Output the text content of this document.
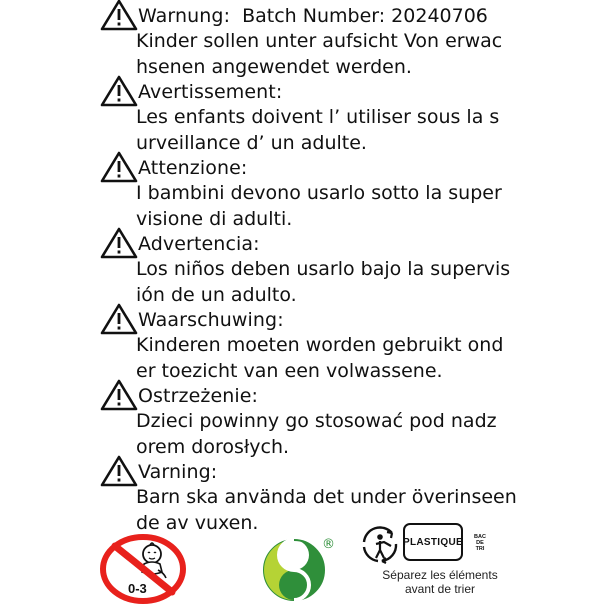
Warnung: Batch Number: 20240706
Kinder sollen unter aufsicht Von erwac
hsenen angewendet werden.
Avertissement:
Les enfants doivent l’ utiliser sous la s
urveillance d’ un adulte.
Attenzione:
I bambini devono usarlo sotto la super
visione di adulti.
Advertencia:
Los niños deben usarlo bajo la supervis
ión de un adulto.
Waarschuwing:
Kinderen moeten worden gebruikt ond
er toezicht van een volwassene.
Ostrzeżenie:
Dzieci powinny go stosować pod nadz
orem dorosłych.
Varning:
Barn ska använda det under överinseen
de av vuxen.
0-3
®	BAC
DE
TRI
PLASTIQUE
Séparez les éléments
avant de trier
